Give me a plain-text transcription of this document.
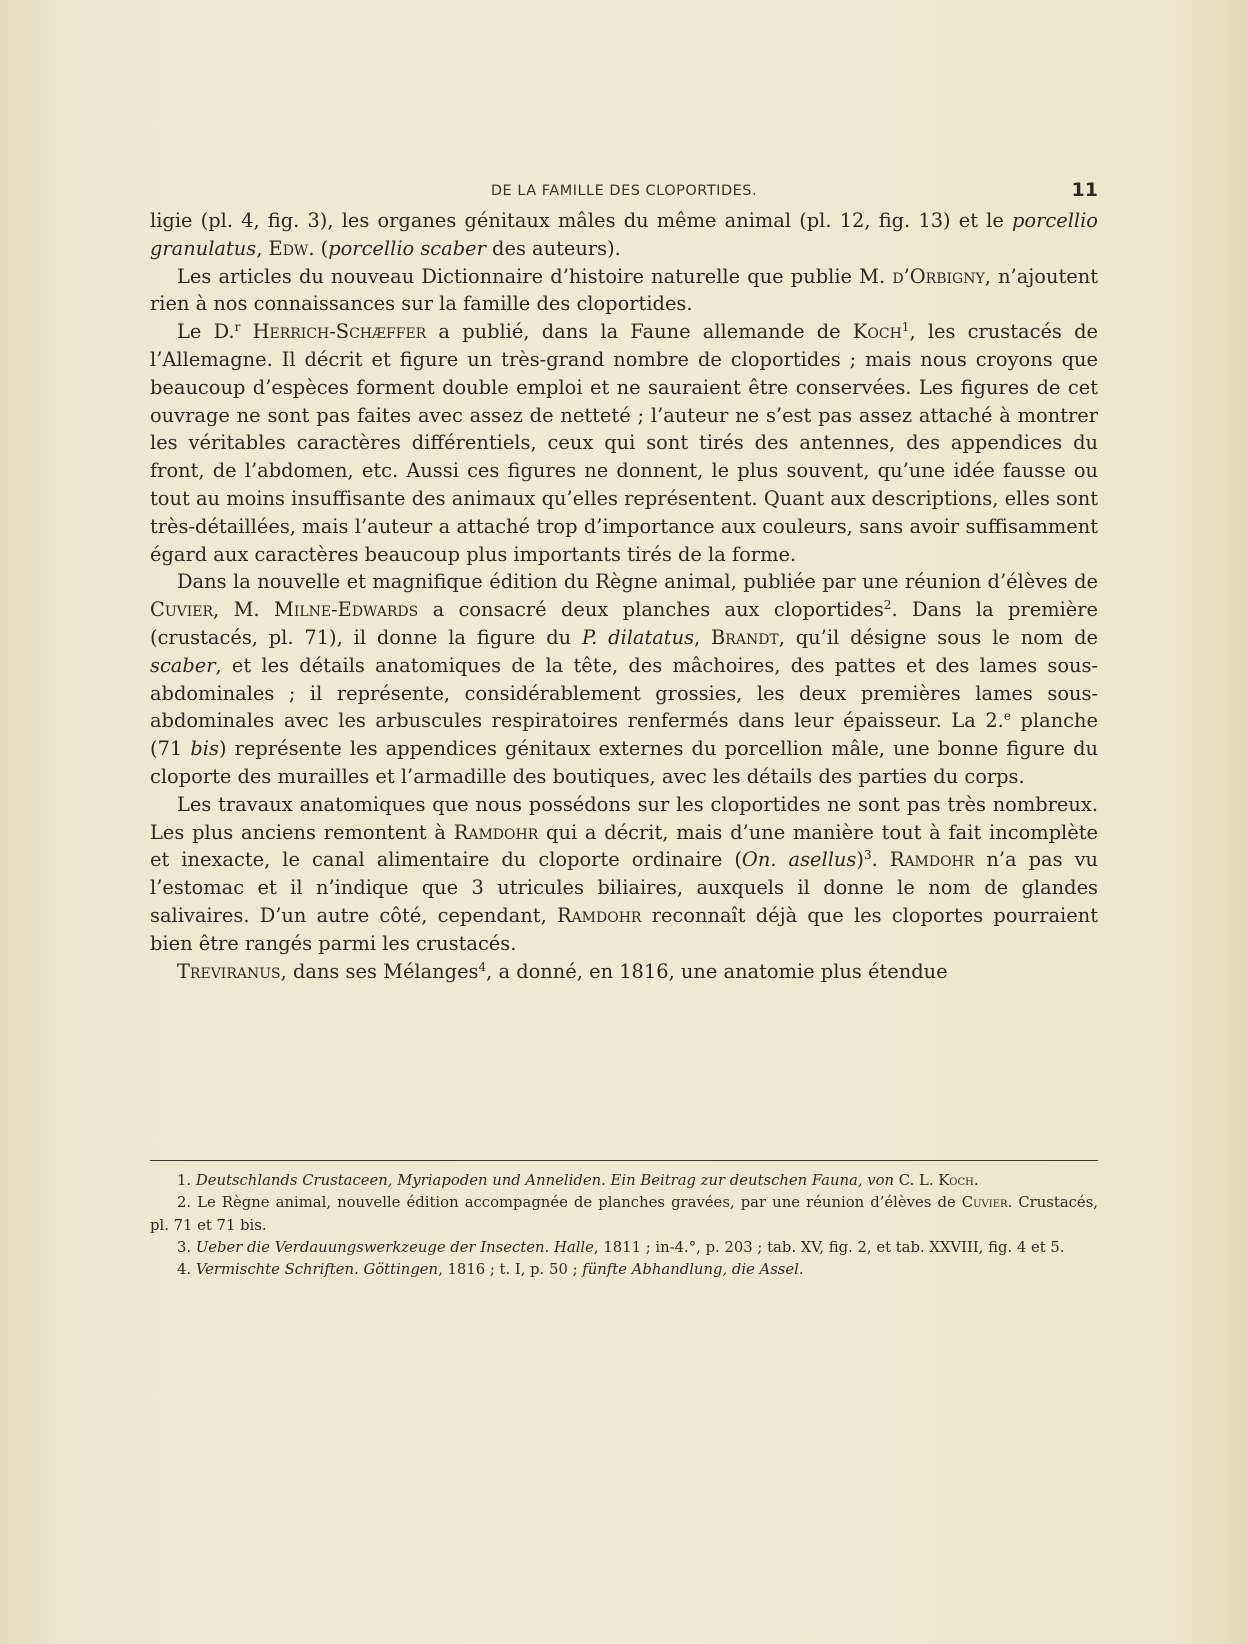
DE LA FAMILLE DES CLOPORTIDES.	11

ligie (pl. 4, fig. 3), les organes génitaux mâles du même animal (pl. 12, fig. 13) et le porcellio granulatus, Edw. (porcellio scaber des auteurs).

Les articles du nouveau Dictionnaire d’histoire naturelle que publie M. d’Orbigny, n’ajoutent rien à nos connaissances sur la famille des cloportides.

Le D.$^r$ Herrich-Schæffer a publié, dans la Faune allemande de Koch$^1$, les crustacés de l’Allemagne. Il décrit et figure un très-grand nombre de cloportides ; mais nous croyons que beaucoup d’espèces forment double emploi et ne sauraient être conservées. Les figures de cet ouvrage ne sont pas faites avec assez de netteté ; l’auteur ne s’est pas assez attaché à montrer les véritables caractères différentiels, ceux qui sont tirés des antennes, des appendices du front, de l’abdomen, etc. Aussi ces figures ne donnent, le plus souvent, qu’une idée fausse ou tout au moins insuffisante des animaux qu’elles représentent. Quant aux descriptions, elles sont très-détaillées, mais l’auteur a attaché trop d’importance aux couleurs, sans avoir suffisamment égard aux caractères beaucoup plus importants tirés de la forme.

Dans la nouvelle et magnifique édition du Règne animal, publiée par une réunion d’élèves de Cuvier, M. Milne-Edwards a consacré deux planches aux cloportides$^2$. Dans la première (crustacés, pl. 71), il donne la figure du P. dilatatus, Brandt, qu’il désigne sous le nom de scaber, et les détails anatomiques de la tête, des mâchoires, des pattes et des lames sous-abdominales ; il représente, considérablement grossies, les deux premières lames sous-abdominales avec les arbuscules respiratoires renfermés dans leur épaisseur. La 2.$^e$ planche (71 bis) représente les appendices génitaux externes du porcellion mâle, une bonne figure du cloporte des murailles et l’armadille des boutiques, avec les détails des parties du corps.

Les travaux anatomiques que nous possédons sur les cloportides ne sont pas très nombreux. Les plus anciens remontent à Ramdohr qui a décrit, mais d’une manière tout à fait incomplète et inexacte, le canal alimentaire du cloporte ordinaire (On. asellus)$^3$. Ramdohr n’a pas vu l’estomac et il n’indique que 3 utricules biliaires, auxquels il donne le nom de glandes salivaires. D’un autre côté, cependant, Ramdohr reconnaît déjà que les cloportes pourraient bien être rangés parmi les crustacés.

Treviranus, dans ses Mélanges$^4$, a donné, en 1816, une anatomie plus étendue

1. Deutschlands Crustaceen, Myriapoden und Anneliden. Ein Beitrag zur deutschen Fauna, von C. L. Koch.

2. Le Règne animal, nouvelle édition accompagnée de planches gravées, par une réunion d’élèves de Cuvier. Crustacés, pl. 71 et 71 bis.

3. Ueber die Verdauungswerkzeuge der Insecten. Halle, 1811 ; in-4.°, p. 203 ; tab. XV, fig. 2, et tab. XXVIII, fig. 4 et 5.

4. Vermischte Schriften. Göttingen, 1816 ; t. I, p. 50 ; fünfte Abhandlung, die Assel.
